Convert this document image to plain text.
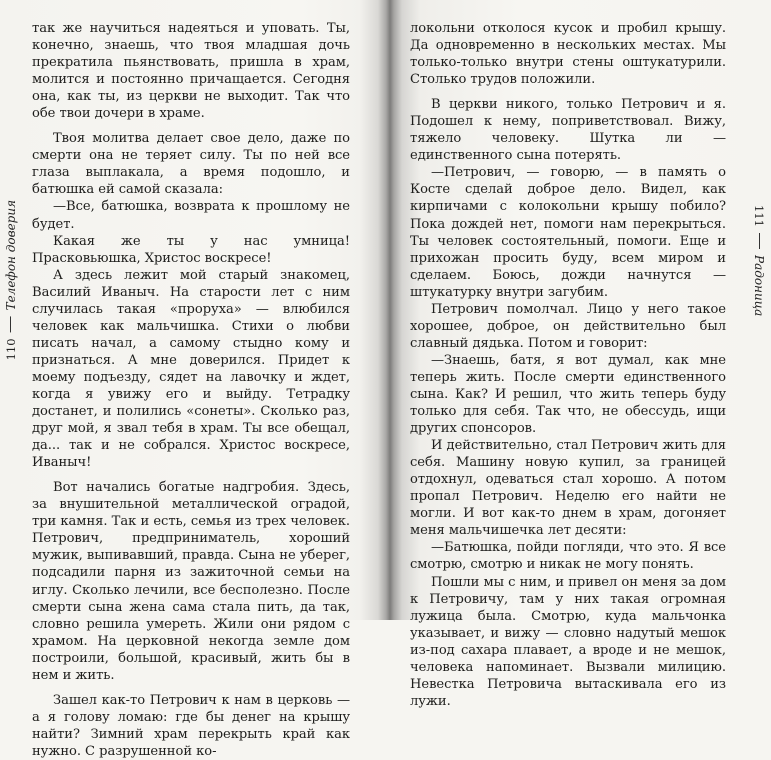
110
Телефон доверия

так же научиться надеяться и уповать. Ты, конечно, знаешь, что твоя младшая дочь прекратила пьянствовать, пришла в храм, молится и постоянно причащается. Сегодня она, как ты, из церкви не выходит. Так что обе твои дочери в храме.

Твоя молитва делает свое дело, даже по смерти она не теряет силу. Ты по ней все глаза выплакала, а время подошло, и батюшка ей самой сказала:

—Все, батюшка, возврата к прошлому не будет.

Какая же ты у нас умница! Прасковьюшка, Христос воскресе!

А здесь лежит мой старый знакомец, Василий Иваныч. На старости лет с ним случилась такая «проруха» — влюбился человек как мальчишка. Стихи о любви писать начал, а самому стыдно кому и признаться. А мне доверился. Придет к моему подъезду, сядет на лавочку и ждет, когда я увижу его и выйду. Тетрадку достанет, и полились «сонеты». Сколько раз, друг мой, я звал тебя в храм. Ты все обещал, да... так и не собрался. Христос воскресе, Иваныч!

Вот начались богатые надгробия. Здесь, за внушительной металлической оградой, три камня. Так и есть, семья из трех человек. Петрович, предприниматель, хороший мужик, выпивавший, правда. Сына не уберег, подсадили парня из зажиточной семьи на иглу. Сколько лечили, все бесполезно. После смерти сына жена сама стала пить, да так, словно решила умереть. Жили они рядом с храмом. На церковной некогда земле дом построили, большой, красивый, жить бы в нем и жить.

Зашел как-то Петрович к нам в церковь — а я голову ломаю: где бы денег на крышу найти? Зимний храм перекрыть край как нужно. С разрушенной ко-

локольни отколося кусок и пробил крышу. Да одновременно в нескольких местах. Мы только-только внутри стены оштукатурили. Столько трудов положили.

В церкви никого, только Петрович и я. Подошел к нему, поприветствовал. Вижу, тяжело человеку. Шутка ли — единственного сына потерять.

—Петрович, — говорю, — в память о Косте сделай доброе дело. Видел, как кирпичами с колокольни крышу побило? Пока дождей нет, помоги нам перекрыться. Ты человек состоятельный, помоги. Еще и прихожан просить буду, всем миром и сделаем. Боюсь, дожди начнутся — штукатурку внутри загубим.

Петрович помолчал. Лицо у него такое хорошее, доброе, он действительно был славный дядька. Потом и говорит:

—Знаешь, батя, я вот думал, как мне теперь жить. После смерти единственного сына. Как? И решил, что жить теперь буду только для себя. Так что, не обессудь, ищи других спонсоров.

И действительно, стал Петрович жить для себя. Машину новую купил, за границей отдохнул, одеваться стал хорошо. А потом пропал Петрович. Неделю его найти не могли. И вот как-то днем в храм, догоняет меня мальчишечка лет десяти:

—Батюшка, пойди погляди, что это. Я все смотрю, смотрю и никак не могу понять.

Пошли мы с ним, и привел он меня за дом к Петровичу, там у них такая огромная лужица была. Смотрю, куда мальчонка указывает, и вижу — словно надутый мешок из-под сахара плавает, а вроде и не мешок, человека напоминает. Вызвали милицию. Невестка Петровича вытаскивала его из лужи.

111
Радоница
